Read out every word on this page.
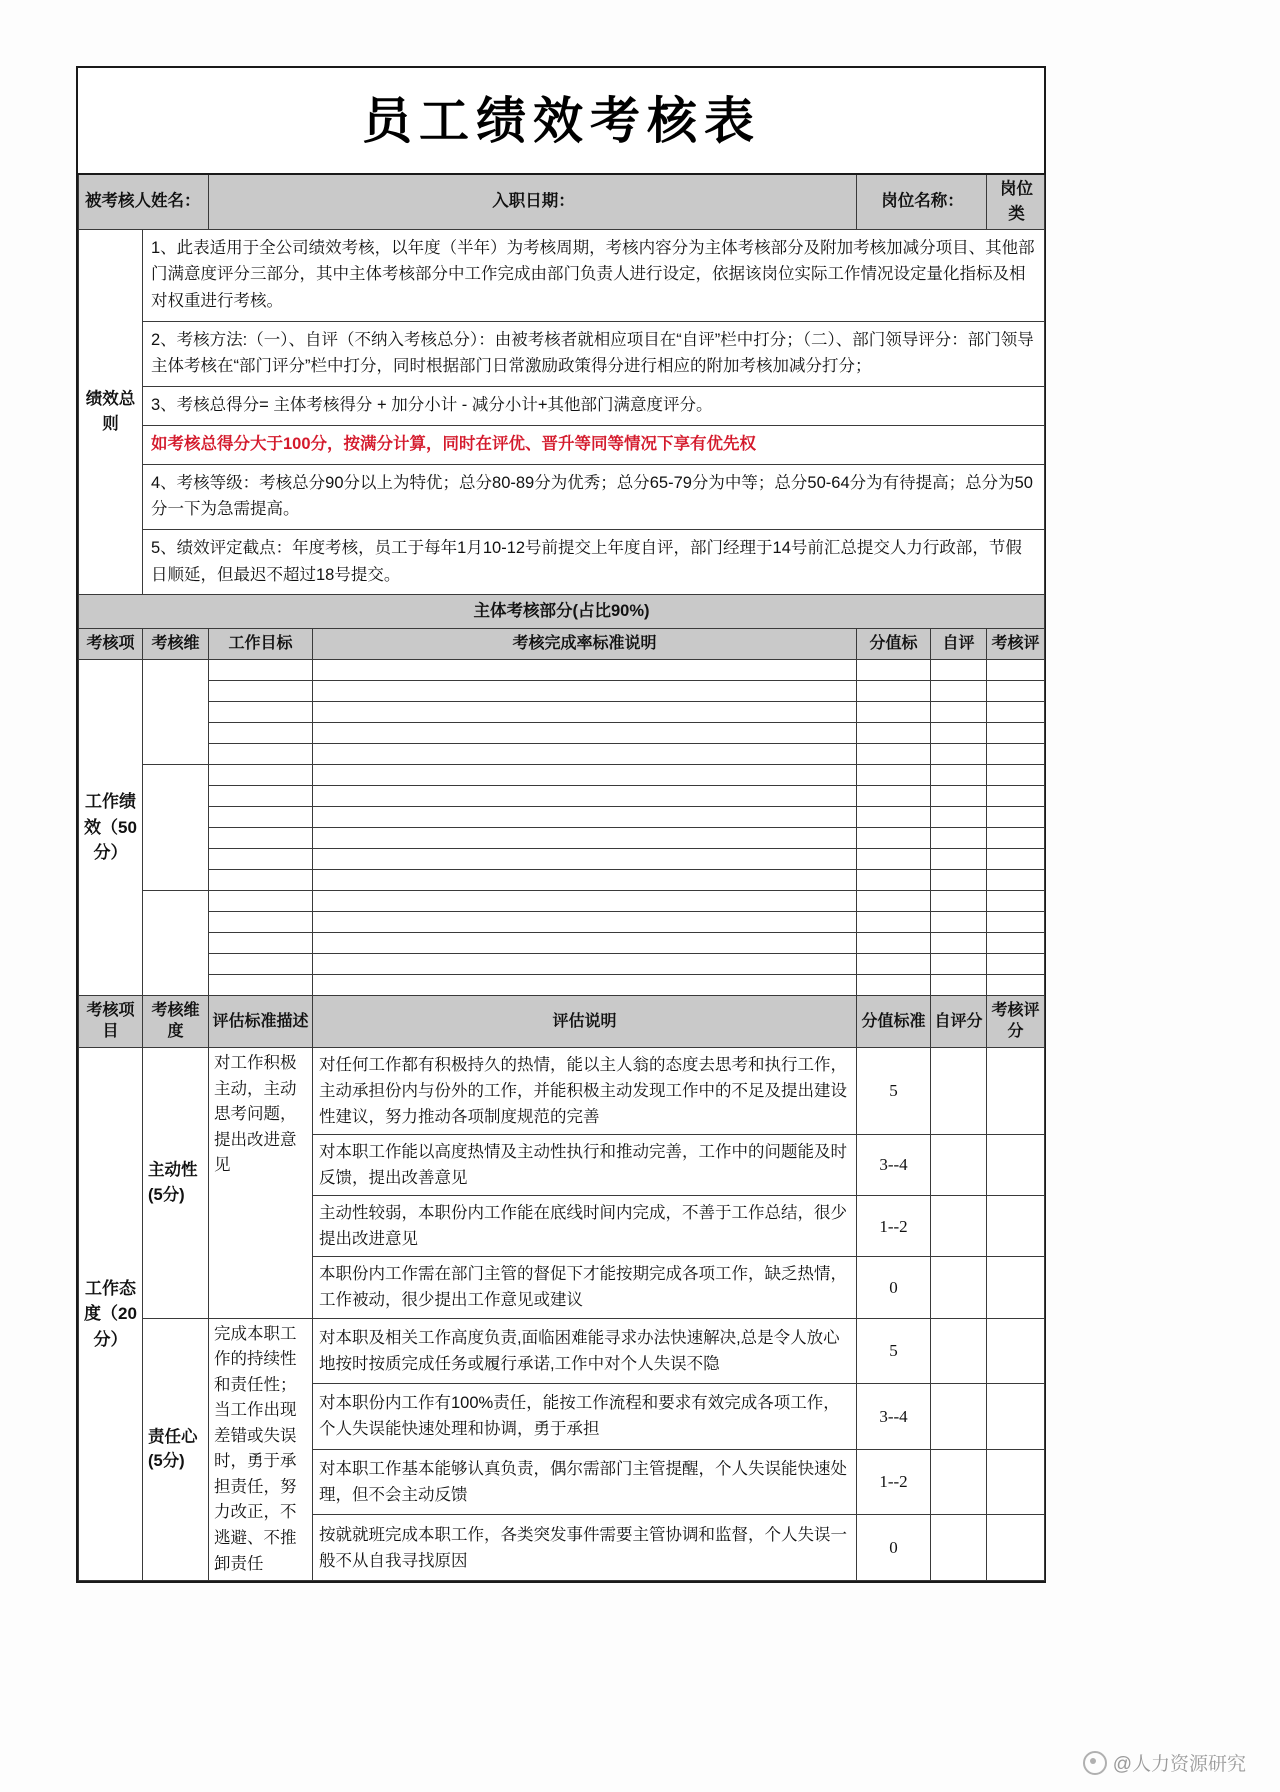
员工绩效考核表						
被考核人姓名：		入职日期：		岗位名称：		岗位类
绩效总则	1、此表适用于全公司绩效考核，以年度（半年）为考核周期，考核内容分为主体考核部分及附加考核加减分项目、其他部门满意度评分三部分，其中主体考核部分中工作完成由部门负责人进行设定，依据该岗位实际工作情况设定量化指标及相对权重进行考核。					
	2、考核方法:（一）、自评（不纳入考核总分）：由被考核者就相应项目在“自评”栏中打分；（二）、部门领导评分：部门领导主体考核在“部门评分”栏中打分，同时根据部门日常激励政策得分进行相应的附加考核加减分打分；					
	3、考核总得分= 主体考核得分 + 加分小计 - 减分小计+其他部门满意度评分。					
	如考核总得分大于100分，按满分计算，同时在评优、晋升等同等情况下享有优先权					
	4、考核等级：考核总分90分以上为特优；总分80-89分为优秀；总分65-79分为中等；总分50-64分为有待提高；总分为50分一下为急需提高。					
	5、绩效评定截点：年度考核，员工于每年1月10-12号前提交上年度自评，部门经理于14号前汇总提交人力行政部，节假日顺延，但最迟不超过18号提交。					
主体考核部分(占比90%)						
考核项	考核维	工作目标	考核完成率标准说明	分值标	自评	考核评
工作绩效（50分）						

考核项目	考核维度	评估标准描述	评估说明	分值标准	自评分	考核评分
工作态度（20分）	主动性(5分)	对工作积极主动，主动思考问题，提出改进意见	对任何工作都有积极持久的热情，能以主人翁的态度去思考和执行工作，主动承担份内与份外的工作，并能积极主动发现工作中的不足及提出建设性建议，努力推动各项制度规范的完善	5		
			对本职工作能以高度热情及主动性执行和推动完善，工作中的问题能及时反馈，提出改善意见	3--4		
			主动性较弱，本职份内工作能在底线时间内完成，不善于工作总结，很少提出改进意见	1--2		
			本职份内工作需在部门主管的督促下才能按期完成各项工作，缺乏热情，工作被动，很少提出工作意见或建议	0		
	责任心(5分)	完成本职工作的持续性和责任性；当工作出现差错或失误时，勇于承担责任，努力改正，不逃避、不推卸责任	对本职及相关工作高度负责,面临困难能寻求办法快速解决,总是令人放心地按时按质完成任务或履行承诺,工作中对个人失误不隐	5		
			对本职份内工作有100%责任，能按工作流程和要求有效完成各项工作，个人失误能快速处理和协调，勇于承担	3--4		
			对本职工作基本能够认真负责，偶尔需部门主管提醒，个人失误能快速处理，但不会主动反馈	1--2		
			按就就班完成本职工作，各类突发事件需要主管协调和监督，个人失误一般不从自我寻找原因	0		
@人力资源研究
